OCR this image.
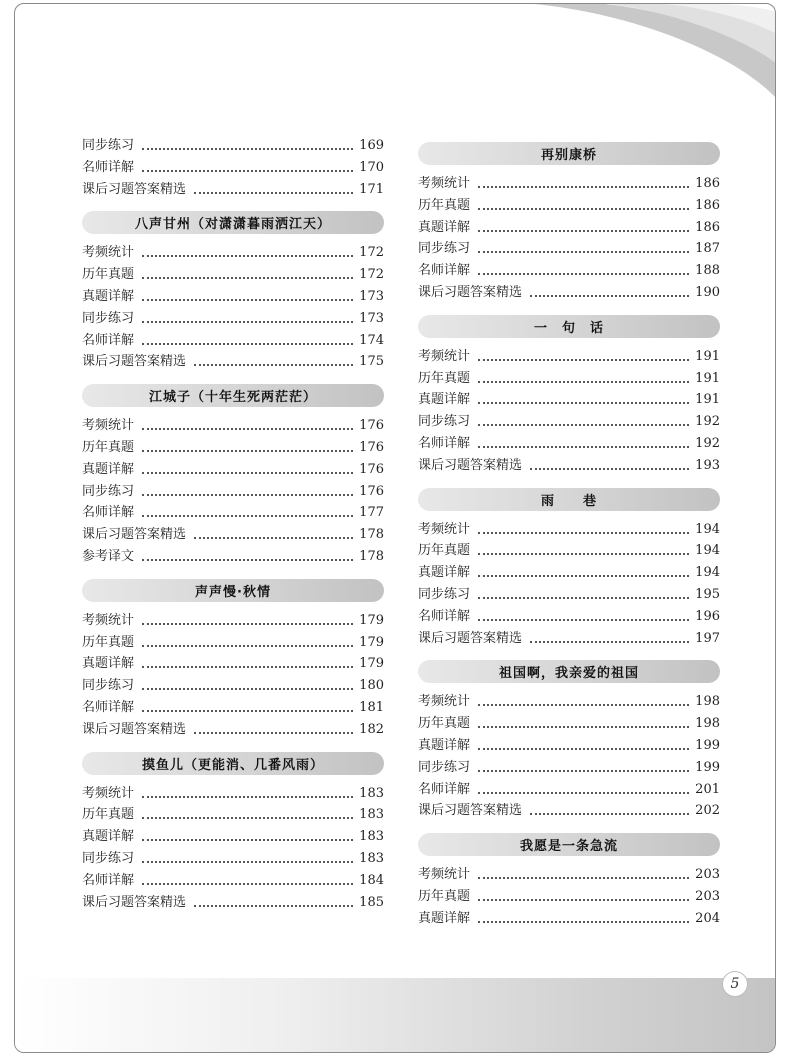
同步练习	169
名师详解	170
课后习题答案精选	171
八声甘州（对潇潇暮雨洒江天）
考频统计	172
历年真题	172
真题详解	173
同步练习	173
名师详解	174
课后习题答案精选	175
江城子（十年生死两茫茫）
考频统计	176
历年真题	176
真题详解	176
同步练习	176
名师详解	177
课后习题答案精选	178
参考译文	178
声声慢·秋情
考频统计	179
历年真题	179
真题详解	179
同步练习	180
名师详解	181
课后习题答案精选	182
摸鱼儿（更能消、几番风雨）
考频统计	183
历年真题	183
真题详解	183
同步练习	183
名师详解	184
课后习题答案精选	185
再别康桥
考频统计	186
历年真题	186
真题详解	186
同步练习	187
名师详解	188
课后习题答案精选	190
一　句　话
考频统计	191
历年真题	191
真题详解	191
同步练习	192
名师详解	192
课后习题答案精选	193
雨　　巷
考频统计	194
历年真题	194
真题详解	194
同步练习	195
名师详解	196
课后习题答案精选	197
祖国啊，我亲爱的祖国
考频统计	198
历年真题	198
真题详解	199
同步练习	199
名师详解	201
课后习题答案精选	202
我愿是一条急流
考频统计	203
历年真题	203
真题详解	204
5
